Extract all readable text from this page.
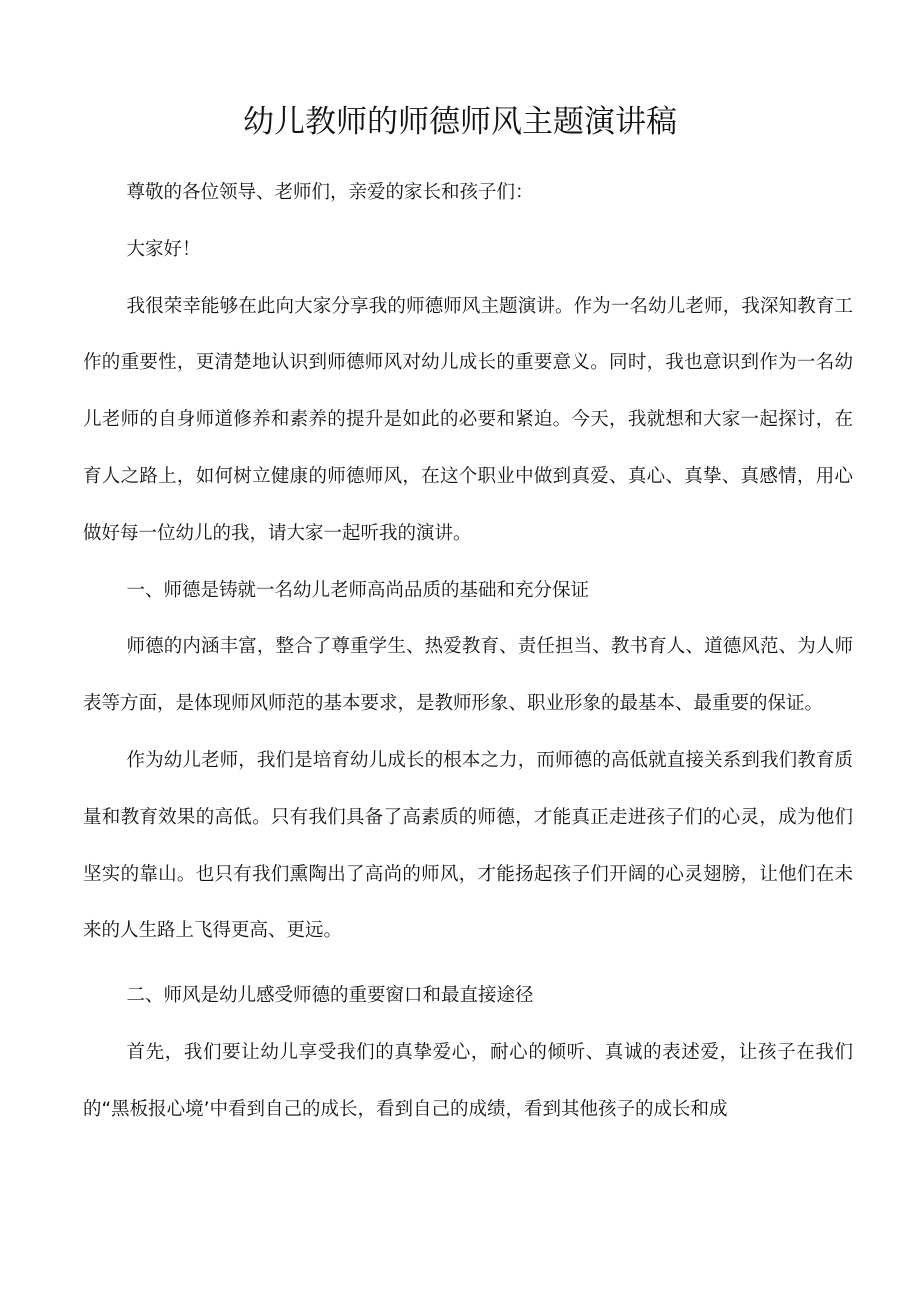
幼儿教师的师德师风主题演讲稿

尊敬的各位领导、老师们，亲爱的家长和孩子们：

大家好！

我很荣幸能够在此向大家分享我的师德师风主题演讲。作为一名幼儿老师，我深知教育工作的重要性，更清楚地认识到师德师风对幼儿成长的重要意义。同时，我也意识到作为一名幼儿老师的自身师道修养和素养的提升是如此的必要和紧迫。今天，我就想和大家一起探讨，在育人之路上，如何树立健康的师德师风，在这个职业中做到真爱、真心、真挚、真感情，用心做好每一位幼儿的我，请大家一起听我的演讲。

一、师德是铸就一名幼儿老师高尚品质的基础和充分保证

师德的内涵丰富，整合了尊重学生、热爱教育、责任担当、教书育人、道德风范、为人师表等方面，是体现师风师范的基本要求，是教师形象、职业形象的最基本、最重要的保证。

作为幼儿老师，我们是培育幼儿成长的根本之力，而师德的高低就直接关系到我们教育质量和教育效果的高低。只有我们具备了高素质的师德，才能真正走进孩子们的心灵，成为他们坚实的靠山。也只有我们熏陶出了高尚的师风，才能扬起孩子们开阔的心灵翅膀，让他们在未来的人生路上飞得更高、更远。

二、师风是幼儿感受师德的重要窗口和最直接途径

首先，我们要让幼儿享受我们的真挚爱心，耐心的倾听、真诚的表述爱，让孩子在我们的“黑板报心境’中看到自己的成长，看到自己的成绩，看到其他孩子的成长和成
